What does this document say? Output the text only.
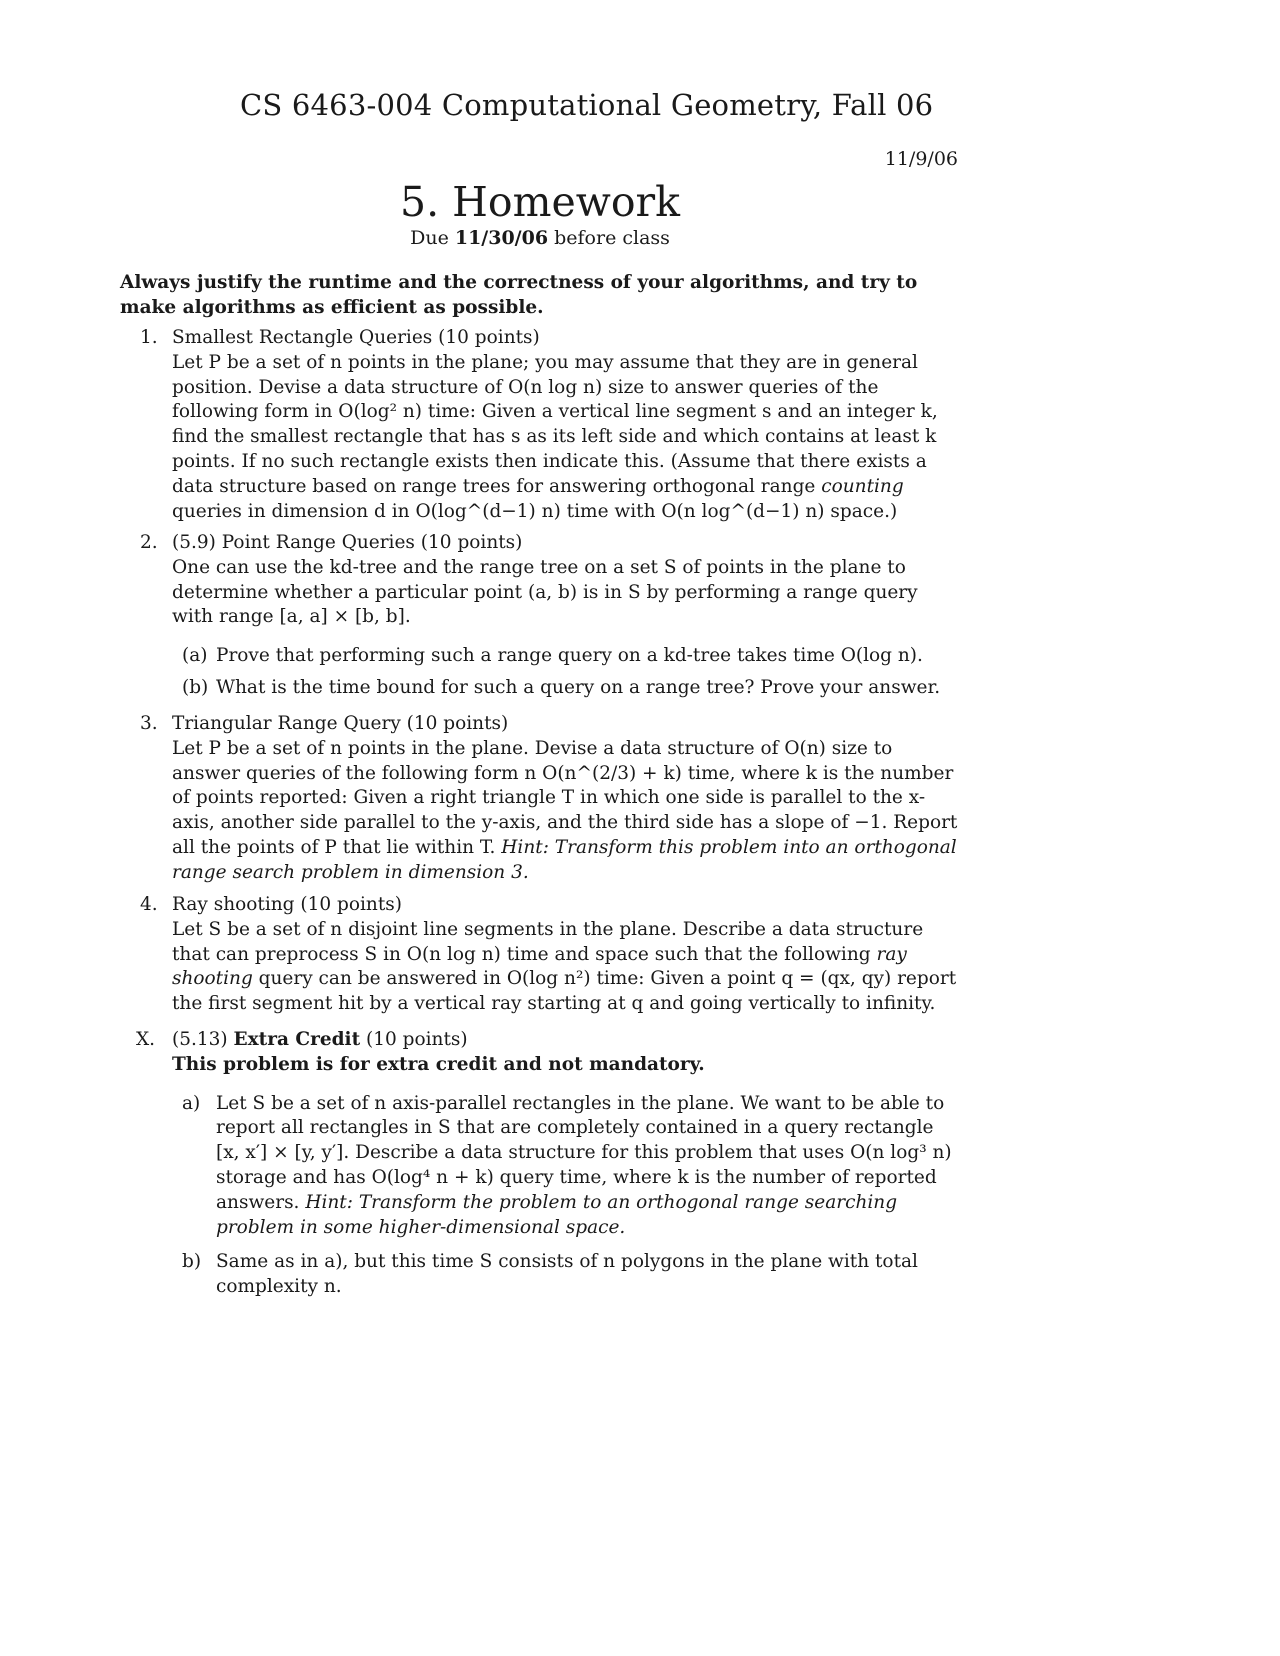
CS 6463-004 Computational Geometry, Fall 06
11/9/06
5. Homework
Due 11/30/06 before class
Always justify the runtime and the correctness of your algorithms, and try to make algorithms as efficient as possible.
1. Smallest Rectangle Queries (10 points)
Let P be a set of n points in the plane; you may assume that they are in general position. Devise a data structure of O(n log n) size to answer queries of the following form in O(log² n) time: Given a vertical line segment s and an integer k, find the smallest rectangle that has s as its left side and which contains at least k points. If no such rectangle exists then indicate this. (Assume that there exists a data structure based on range trees for answering orthogonal range counting queries in dimension d in O(log^(d−1) n) time with O(n log^(d−1) n) space.)
2. (5.9) Point Range Queries (10 points)
One can use the kd-tree and the range tree on a set S of points in the plane to determine whether a particular point (a, b) is in S by performing a range query with range [a, a] × [b, b].
(a) Prove that performing such a range query on a kd-tree takes time O(log n).
(b) What is the time bound for such a query on a range tree? Prove your answer.
3. Triangular Range Query (10 points)
Let P be a set of n points in the plane. Devise a data structure of O(n) size to answer queries of the following form n O(n^(2/3) + k) time, where k is the number of points reported: Given a right triangle T in which one side is parallel to the x-axis, another side parallel to the y-axis, and the third side has a slope of −1. Report all the points of P that lie within T. Hint: Transform this problem into an orthogonal range search problem in dimension 3.
4. Ray shooting (10 points)
Let S be a set of n disjoint line segments in the plane. Describe a data structure that can preprocess S in O(n log n) time and space such that the following ray shooting query can be answered in O(log n²) time: Given a point q = (qx, qy) report the first segment hit by a vertical ray starting at q and going vertically to infinity.
X. (5.13) Extra Credit (10 points)
This problem is for extra credit and not mandatory.
a) Let S be a set of n axis-parallel rectangles in the plane. We want to be able to report all rectangles in S that are completely contained in a query rectangle [x, x′] × [y, y′]. Describe a data structure for this problem that uses O(n log³ n) storage and has O(log⁴ n + k) query time, where k is the number of reported answers. Hint: Transform the problem to an orthogonal range searching problem in some higher-dimensional space.
b) Same as in a), but this time S consists of n polygons in the plane with total complexity n.
